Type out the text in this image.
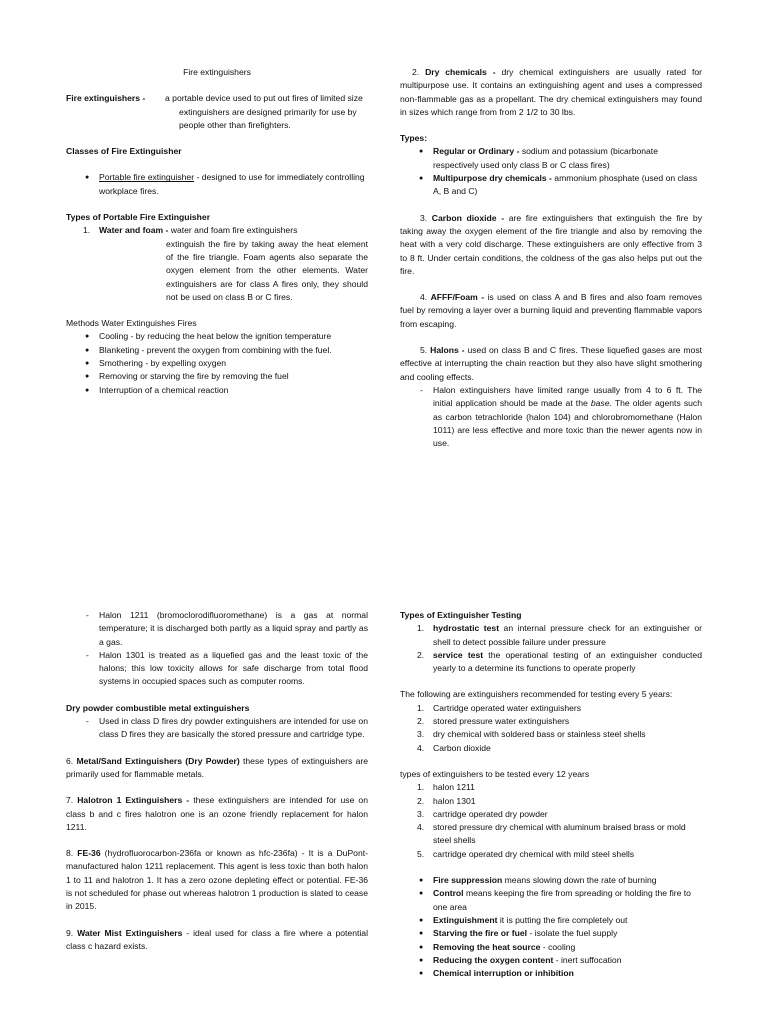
Fire extinguishers

Fire extinguishers -	a portable device used to put out fires of limited size
- extinguishers are designed primarily for use by people other than firefighters.

Classes of Fire Extinguisher

● Portable fire extinguisher - designed to use for immediately controlling workplace fires.

Types of Portable Fire Extinguisher

1. Water and foam - water and foam fire extinguishers

extinguish the fire by taking away the heat element of the fire triangle. Foam agents also separate the oxygen element from the other elements. Water extinguishers are for class A fires only, they should not be used on class B or C fires.

Methods Water Extinguishes Fires

● Cooling - by reducing the heat below the ignition temperature
● Blanketing - prevent the oxygen from combining with the fuel.
● Smothering - by expelling oxygen
● Removing or starving the fire by removing the fuel
● Interruption of a chemical reaction

2. Dry chemicals - dry chemical extinguishers are usually rated for multipurpose use. It contains an extinguishing agent and uses a compressed non-flammable gas as a propellant. The dry chemical extinguishers may found in sizes which range from from 2 1/2 to 30 lbs.

Types:

● Regular or Ordinary - sodium and potassium (bicarbonate respectively used only class B or C class fires)
● Multipurpose dry chemicals - ammonium phosphate (used on class A, B and C)

3. Carbon dioxide - are fire extinguishers that extinguish the fire by taking away the oxygen element of the fire triangle and also by removing the heat with a very cold discharge. These extinguishers are only effective from 3 to 8 ft. Under certain conditions, the coldness of the gas also helps put out the fire.

4. AFFF/Foam - is used on class A and B fires and also foam removes fuel by removing a layer over a burning liquid and preventing flammable vapors from escaping.

5. Halons - used on class B and C fires. These liquefied gases are most effective at interrupting the chain reaction but they also have slight smothering and cooling effects.

- Halon extinguishers have limited range usually from 4 to 6 ft. The initial application should be made at the base. The older agents such as carbon tetrachloride (halon 104) and chlorobromomethane (Halon 1011) are less effective and more toxic than the newer agents now in use.
- Halon 1211 (bromoclorodifluoromethane) is a gas at normal temperature; it is discharged both partly as a liquid spray and partly as a gas.
- Halon 1301 is treated as a liquefied gas and the least toxic of the halons; this low toxicity allows for safe discharge from total flood systems in occupied spaces such as computer rooms.

Dry powder combustible metal extinguishers

- Used in class D fires dry powder extinguishers are intended for use on class D fires they are basically the stored pressure and cartridge type.

6. Metal/Sand Extinguishers (Dry Powder) these types of extinguishers are primarily used for flammable metals.

7. Halotron 1 Extinguishers - these extinguishers are intended for use on class b and c fires halotron one is an ozone friendly replacement for halon 1211.

8. FE-36 (hydrofluorocarbon-236fa or known as hfc-236fa) - It is a DuPont-manufactured halon 1211 replacement. This agent is less toxic than both halon 1 to 11 and halotron 1. It has a zero ozone depleting effect or potential. FE-36 is not scheduled for phase out whereas halotron 1 production is slated to cease in 2015.

9. Water Mist Extinguishers - ideal used for class a fire where a potential class c hazard exists.

Types of Extinguisher Testing

1. hydrostatic test an internal pressure check for an extinguisher or shell to detect possible failure under pressure
2. service test the operational testing of an extinguisher conducted yearly to a determine its functions to operate properly

The following are extinguishers recommended for testing every 5 years:

1. Cartridge operated water extinguishers
2. stored pressure water extinguishers
3. dry chemical with soldered bass or stainless steel shells
4. Carbon dioxide

types of extinguishers to be tested every 12 years

1. halon 1211
2. halon 1301
3. cartridge operated dry powder
4. stored pressure dry chemical with aluminum braised brass or mold steel shells
5. cartridge operated dry chemical with mild steel shells
● Fire suppression means slowing down the rate of burning
● Control means keeping the fire from spreading or holding the fire to one area
● Extinguishment it is putting the fire completely out
● Starving the fire or fuel - isolate the fuel supply
● Removing the heat source - cooling
● Reducing the oxygen content - inert suffocation
● Chemical interruption or inhibition
